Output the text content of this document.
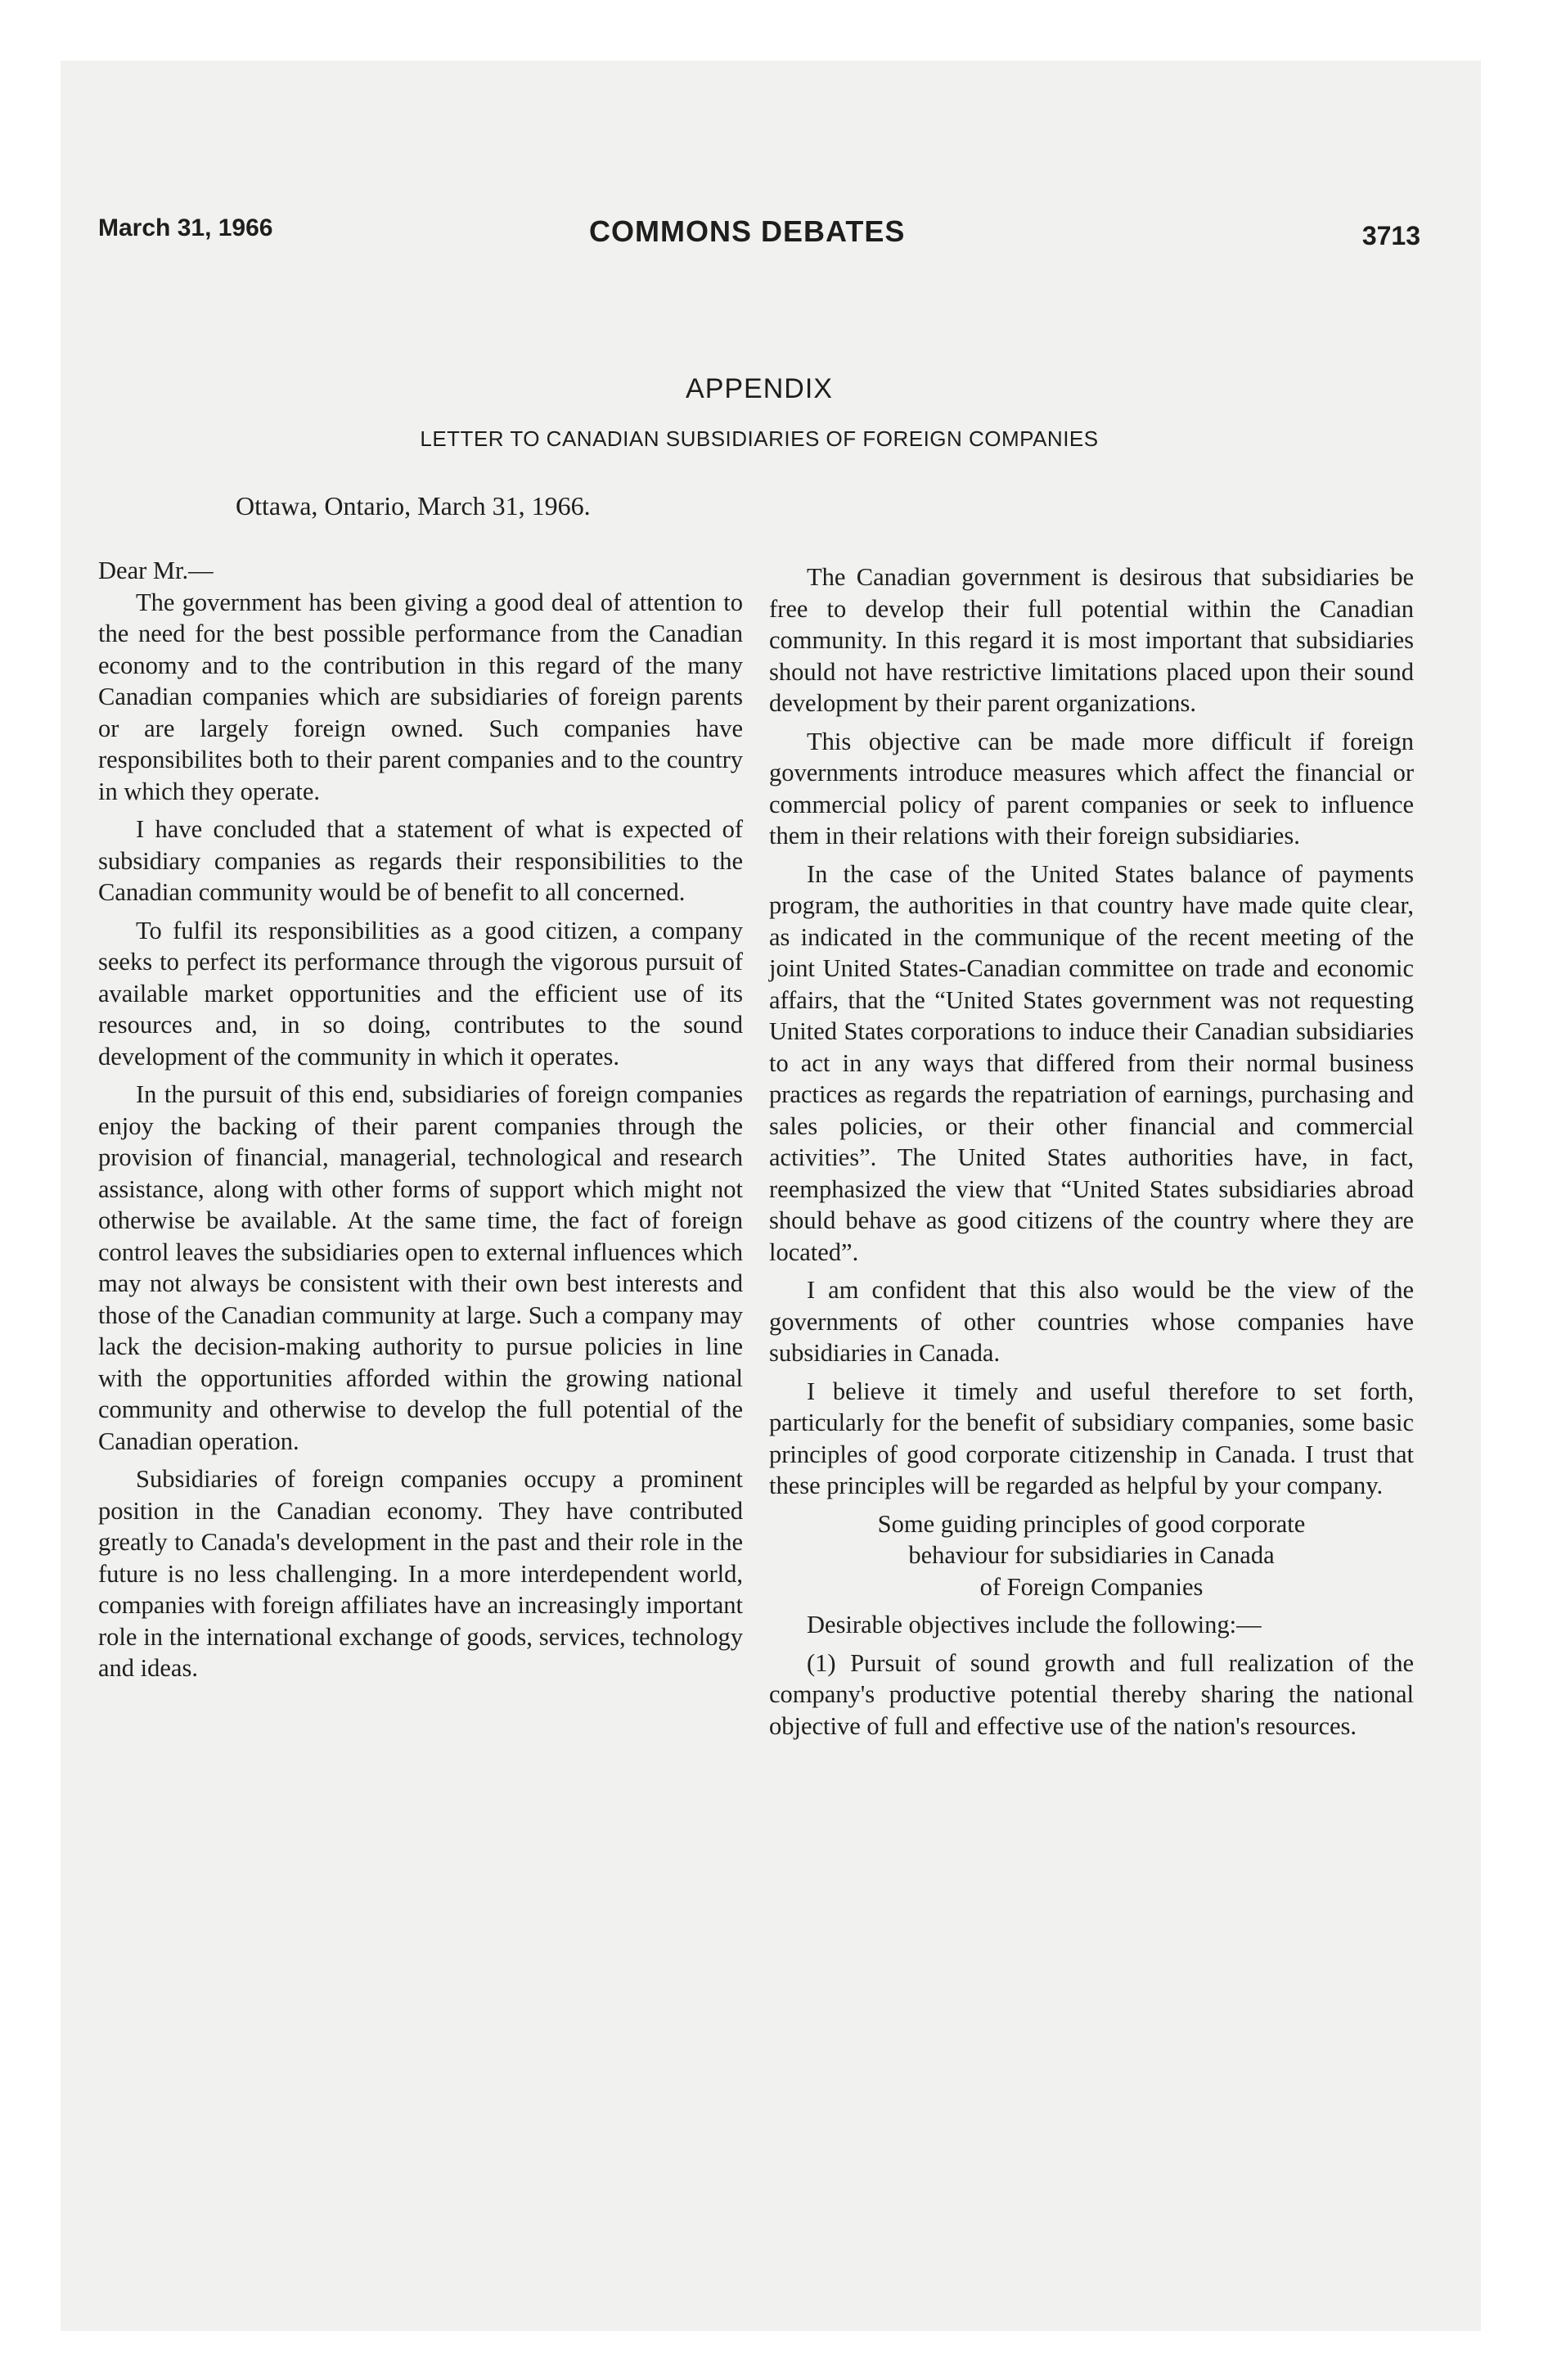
March 31, 1966	COMMONS DEBATES	3713
APPENDIX
LETTER TO CANADIAN SUBSIDIARIES OF FOREIGN COMPANIES
Ottawa, Ontario, March 31, 1966.

Dear Mr.—

The government has been giving a good deal of attention to the need for the best possible performance from the Canadian economy and to the contribution in this regard of the many Canadian companies which are subsidiaries of foreign parents or are largely foreign owned. Such companies have responsibilites both to their parent companies and to the country in which they operate.

I have concluded that a statement of what is expected of subsidiary companies as regards their responsibilities to the Canadian community would be of benefit to all concerned.

To fulfil its responsibilities as a good citizen, a company seeks to perfect its performance through the vigorous pursuit of available market opportunities and the efficient use of its resources and, in so doing, contributes to the sound development of the community in which it operates.

In the pursuit of this end, subsidiaries of foreign companies enjoy the backing of their parent companies through the provision of financial, managerial, technological and research assistance, along with other forms of support which might not otherwise be available. At the same time, the fact of foreign control leaves the subsidiaries open to external influences which may not always be consistent with their own best interests and those of the Canadian community at large. Such a company may lack the decision-making authority to pursue policies in line with the opportunities afforded within the growing national community and otherwise to develop the full potential of the Canadian operation.

Subsidiaries of foreign companies occupy a prominent position in the Canadian economy. They have contributed greatly to Canada's development in the past and their role in the future is no less challenging. In a more interdependent world, companies with foreign affiliates have an increasingly important role in the international exchange of goods, services, technology and ideas.

The Canadian government is desirous that subsidiaries be free to develop their full potential within the Canadian community. In this regard it is most important that subsidiaries should not have restrictive limitations placed upon their sound development by their parent organizations.

This objective can be made more difficult if foreign governments introduce measures which affect the financial or commercial policy of parent companies or seek to influence them in their relations with their foreign subsidiaries.

In the case of the United States balance of payments program, the authorities in that country have made quite clear, as indicated in the communique of the recent meeting of the joint United States-Canadian committee on trade and economic affairs, that the “United States government was not requesting United States corporations to induce their Canadian subsidiaries to act in any ways that differed from their normal business practices as regards the repatriation of earnings, purchasing and sales policies, or their other financial and commercial activities”. The United States authorities have, in fact, reemphasized the view that “United States subsidiaries abroad should behave as good citizens of the country where they are located”.

I am confident that this also would be the view of the governments of other countries whose companies have subsidiaries in Canada.

I believe it timely and useful therefore to set forth, particularly for the benefit of subsidiary companies, some basic principles of good corporate citizenship in Canada. I trust that these principles will be regarded as helpful by your company.

Some guiding principles of good corporate

behaviour for subsidiaries in Canada

of Foreign Companies

Desirable objectives include the following:—

(1) Pursuit of sound growth and full realization of the company's productive potential thereby sharing the national objective of full and effective use of the nation's resources.
